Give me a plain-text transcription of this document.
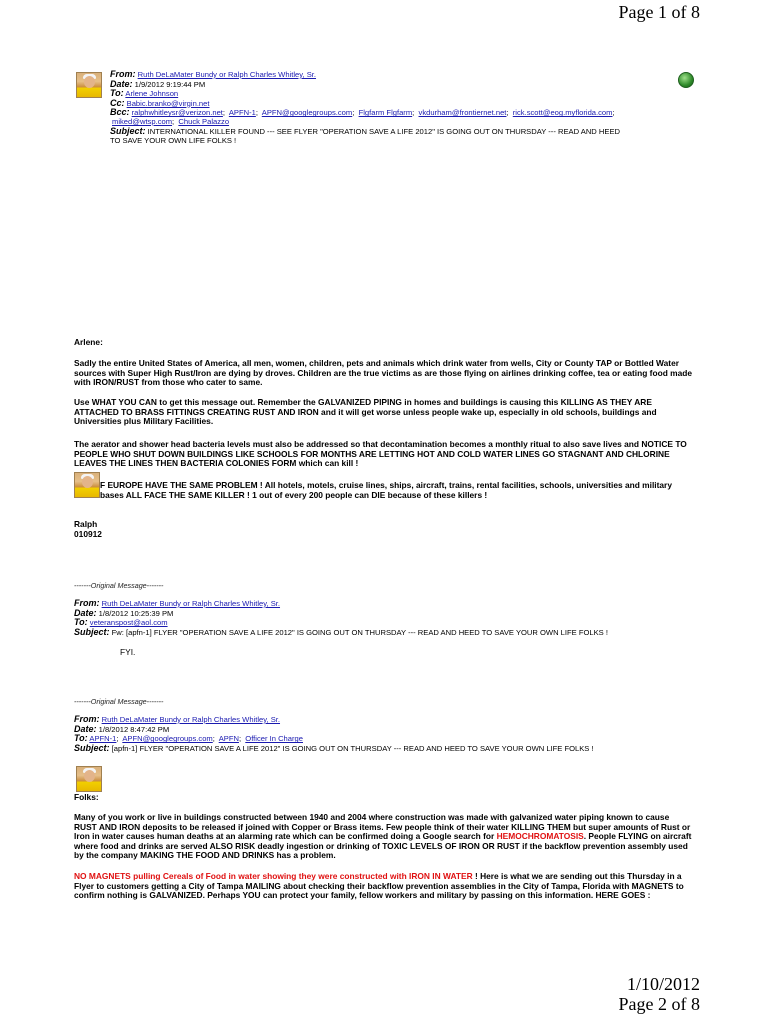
Page 1 of 8
From: Ruth DeLaMater Bundy or Ralph Charles Whitley, Sr.
Date: 1/9/2012 9:19:44 PM
To: Arlene Johnson
Cc: Babic.branko@virgin.net
Bcc: ralphwhitleysr@verizon.net;  APFN-1;  APFN@googlegroups.com;  Flgfarm Flgfarm;  vkdurham@frontiernet.net;  rick.scott@eog.myflorida.com;
miked@wtsp.com;  Chuck Palazzo
Subject: INTERNATIONAL KILLER FOUND --- SEE FLYER "OPERATION SAVE A LIFE 2012" IS GOING OUT ON THURSDAY --- READ AND HEED
TO SAVE YOUR OWN LIFE FOLKS !
Arlene:
Sadly the entire United States of America, all men, women, children, pets and animals which drink water from wells, City or County TAP or Bottled Water sources with Super High Rust/Iron are dying by droves. Children are the true victims as are those flying on airlines drinking coffee, tea or eating food made with IRON/RUST from those who cater to same.
Use WHAT YOU CAN to get this message out. Remember the GALVANIZED PIPING in homes and buildings is causing this KILLING AS THEY ARE ATTACHED TO BRASS FITTINGS CREATING RUST AND IRON and it will get worse unless people wake up, especially in old schools, buildings and Universities plus Military Facilities.
The aerator and shower head bacteria levels must also be addressed so that decontamination becomes a monthly ritual to also save lives and NOTICE TO PEOPLE WHO SHUT DOWN BUILDINGS LIKE SCHOOLS FOR MONTHS ARE LETTING HOT AND COLD WATER LINES GO STAGNANT AND CHLORINE LEAVES THE LINES THEN BACTERIA COLONIES FORM which can kill !
F EUROPE HAVE THE SAME PROBLEM ! All hotels, motels, cruise lines, ships, aircraft, trains, rental facilities, schools, universities and military bases ALL FACE THE SAME KILLER ! 1 out of every 200 people can DIE because of these killers !
Ralph
010912
-------Original Message-------
From: Ruth DeLaMater Bundy or Ralph Charles Whitley, Sr.
Date: 1/8/2012 10:25:39 PM
To: veteranspost@aol.com
Subject: Fw: [apfn-1] FLYER "OPERATION SAVE A LIFE 2012" IS GOING OUT ON THURSDAY --- READ AND HEED TO SAVE YOUR OWN LIFE FOLKS !
FYI.
-------Original Message-------
From: Ruth DeLaMater Bundy or Ralph Charles Whitley, Sr.
Date: 1/8/2012 8:47:42 PM
To: APFN-1;  APFN@googlegroups.com;  APFN;  Officer In Charge
Subject: [apfn-1] FLYER "OPERATION SAVE A LIFE 2012" IS GOING OUT ON THURSDAY --- READ AND HEED TO SAVE YOUR OWN LIFE FOLKS !
Folks:
Many of you work or live in buildings constructed between 1940 and 2004 where construction was made with galvanized water piping known to cause RUST AND IRON deposits to be released if joined with Copper or Brass items. Few people think of their water KILLING THEM but super amounts of Rust or Iron in water causes human deaths at an alarming rate which can be confirmed doing a Google search for HEMOCHROMATOSIS. People FLYING on aircraft where food and drinks are served ALSO RISK deadly ingestion or drinking of TOXIC LEVELS OF IRON OR RUST if the backflow prevention assembly used by the company MAKING THE FOOD AND DRINKS has a problem.
NO MAGNETS pulling Cereals of Food in water showing they were constructed with IRON IN WATER ! Here is what we are sending out this Thursday in a Flyer to customers getting a City of Tampa MAILING about checking their backflow prevention assemblies in the City of Tampa, Florida with MAGNETS to confirm nothing is GALVANIZED. Perhaps YOU can protect your family, fellow workers and military by passing on this information. HERE GOES :
1/10/2012
Page 2 of 8
